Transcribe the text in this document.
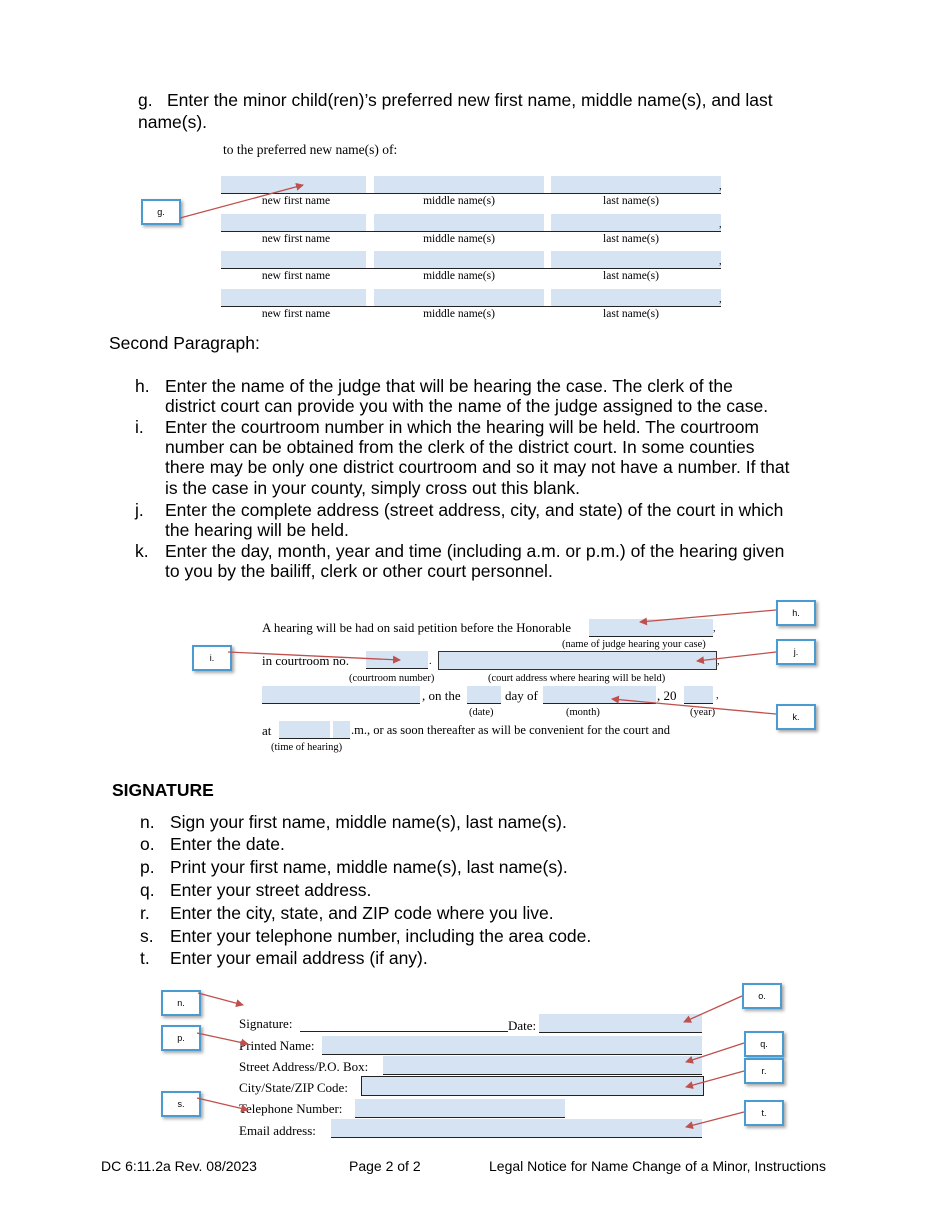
g. Enter the minor child(ren)’s preferred new first name, middle name(s), and last
name(s).
to the preferred new name(s) of:
,
new first name	middle name(s)	last name(s)
,
new first name	middle name(s)	last name(s)
,
new first name	middle name(s)	last name(s)
,
new first name	middle name(s)	last name(s)
g.
Second Paragraph:
h. Enter the name of the judge that will be hearing the case. The clerk of the
district court can provide you with the name of the judge assigned to the case.
i. Enter the courtroom number in which the hearing will be held. The courtroom
number can be obtained from the clerk of the district court. In some counties
there may be only one district courtroom and so it may not have a number. If that
is the case in your county, simply cross out this blank.
j. Enter the complete address (street address, city, and state) of the court in which
the hearing will be held.
k. Enter the day, month, year and time (including a.m. or p.m.) of the hearing given
to you by the bailiff, clerk or other court personnel.
A hearing will be had on said petition before the Honorable	,
(name of judge hearing your case)
in courtroom no.	.	,
(courtroom number)	(court address where hearing will be held)
, on the	day of	, 20	,
(date)	(month)	(year)
at	.m., or as soon thereafter as will be convenient for the court and
(time of hearing)
h.
i.
j.
k.
SIGNATURE
n. Sign your first name, middle name(s), last name(s).
o. Enter the date.
p. Print your first name, middle name(s), last name(s).
q. Enter your street address.
r. Enter the city, state, and ZIP code where you live.
s. Enter your telephone number, including the area code.
t. Enter your email address (if any).
Signature:	Date:
Printed Name:
Street Address/P.O. Box:
City/State/ZIP Code:
Telephone Number:
Email address:
n.
o.
p.
q.
r.
s.
t.
DC 6:11.2a Rev. 08/2023	Page 2 of 2	Legal Notice for Name Change of a Minor, Instructions
